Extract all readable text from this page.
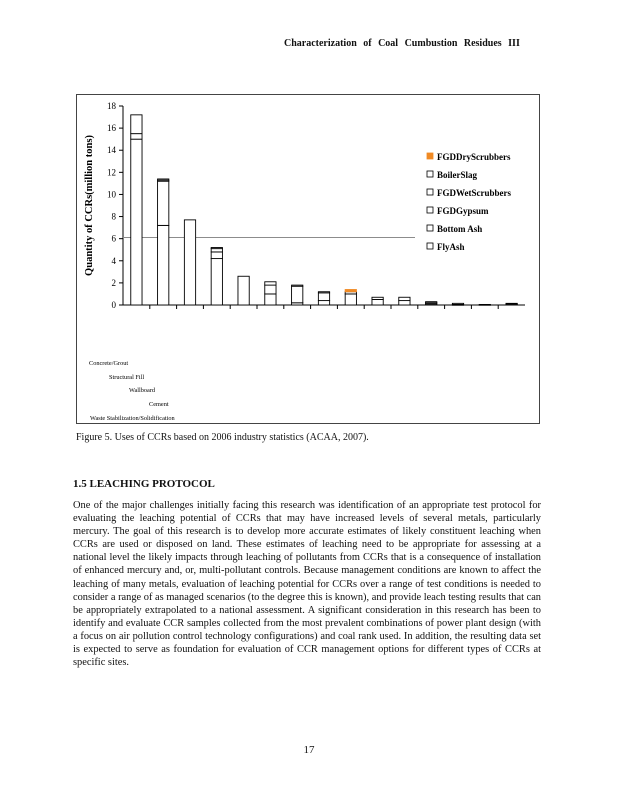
Characterization of Coal Cumbustion Residues III
0
2
4
6
8
10
12
14
16
18
Quantity of CCRs(million tons)	FGDDryScrubbers
BoilerSlag
FGDWetScrubbers
FGDGypsum
Bottom Ash
FlyAsh
Concrete/Grout
Structural Fill
Wallboard
Cement
Waste Stabilization/Solidification
Figure 5. Uses of CCRs based on 2006 industry statistics (ACAA, 2007).
1.5 LEACHING PROTOCOL
One of the major challenges initially facing this research was identification of an appropriate test protocol for evaluating the leaching potential of CCRs that may have increased levels of several metals, particularly mercury. The goal of this research is to develop more accurate estimates of likely constituent leaching when CCRs are used or disposed on land. These estimates of leaching need to be appropriate for assessing at a national level the likely impacts through leaching of pollutants from CCRs that is a consequence of installation of enhanced mercury and, or, multi-pollutant controls. Because management conditions are known to affect the leaching of many metals, evaluation of leaching potential for CCRs over a range of test conditions is needed to consider a range of as managed scenarios (to the degree this is known), and provide leach testing results that can be appropriately extrapolated to a national assessment. A significant consideration in this research has been to identify and evaluate CCR samples collected from the most prevalent combinations of power plant design (with a focus on air pollution control technology configurations) and coal rank used. In addition, the resulting data set is expected to serve as foundation for evaluation of CCR management options for different types of CCRs at specific sites.
17
